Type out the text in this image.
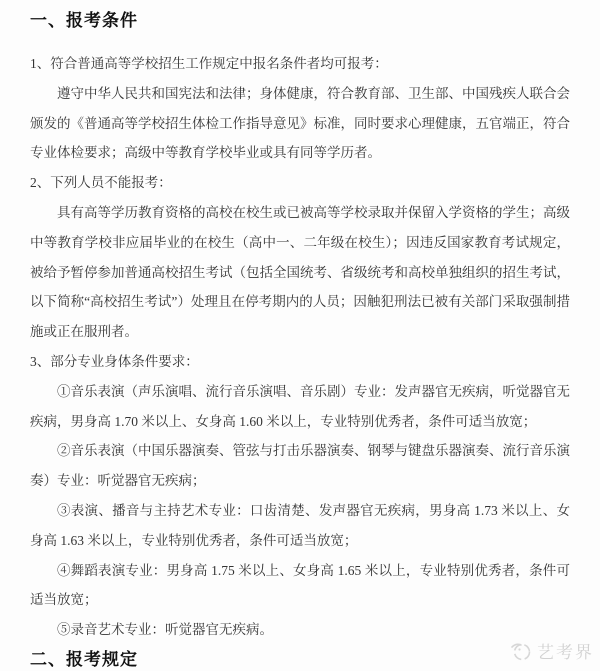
一、报考条件

1、符合普通高等学校招生工作规定中报名条件者均可报考：

遵守中华人民共和国宪法和法律；身体健康，符合教育部、卫生部、中国残疾人联合会颁发的《普通高等学校招生体检工作指导意见》标准，同时要求心理健康，五官端正，符合专业体检要求；高级中等教育学校毕业或具有同等学历者。

2、下列人员不能报考：

具有高等学历教育资格的高校在校生或已被高等学校录取并保留入学资格的学生；高级中等教育学校非应届毕业的在校生（高中一、二年级在校生）；因违反国家教育考试规定，被给予暂停参加普通高校招生考试（包括全国统考、省级统考和高校单独组织的招生考试，以下简称“高校招生考试”）处理且在停考期内的人员；因触犯刑法已被有关部门采取强制措施或正在服刑者。

3、部分专业身体条件要求：

①音乐表演（声乐演唱、流行音乐演唱、音乐剧）专业：发声器官无疾病，听觉器官无疾病，男身高 1.70 米以上、女身高 1.60 米以上，专业特别优秀者，条件可适当放宽；

②音乐表演（中国乐器演奏、管弦与打击乐器演奏、钢琴与键盘乐器演奏、流行音乐演奏）专业：听觉器官无疾病；

③表演、播音与主持艺术专业：口齿清楚、发声器官无疾病，男身高 1.73 米以上、女身高 1.63 米以上，专业特别优秀者，条件可适当放宽；

④舞蹈表演专业：男身高 1.75 米以上、女身高 1.65 米以上，专业特别优秀者，条件可适当放宽；

⑤录音艺术专业：听觉器官无疾病。

二、报考规定	艺考界
